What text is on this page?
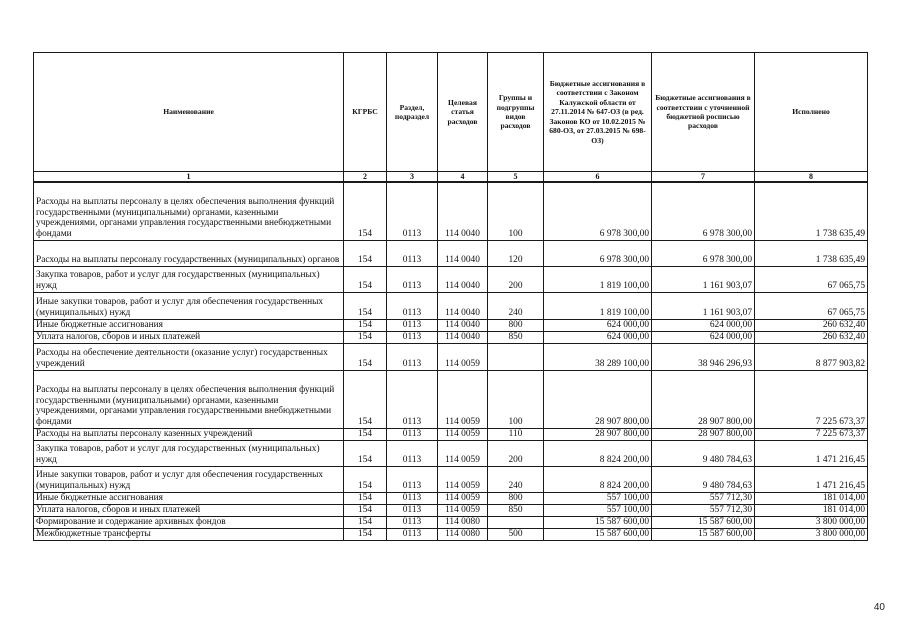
Наименование	КГРБС	Раздел, подраздел	Целевая статья расходов	Группы и подгруппы видов расходов	Бюджетные ассигнования в соответствии с Законом Калужской области от 27.11.2014 № 647-ОЗ (в ред. Законов КО от 10.02.2015 № 680-ОЗ, от 27.03.2015 № 698-ОЗ)	Бюджетные ассигнования в соответствии с уточненной бюджетной росписью расходов	Исполнено
1	2	3	4	5	6	7	8
Расходы на выплаты персоналу в целях обеспечения выполнения функций государственными (муниципальными) органами, казенными учреждениями, органами управления государственными внебюджетными фондами	154	0113	114 0040	100	6 978 300,00	6 978 300,00	1 738 635,49
Расходы на выплаты персоналу государственных (муниципальных) органов	154	0113	114 0040	120	6 978 300,00	6 978 300,00	1 738 635,49
Закупка товаров, работ и услуг для государственных (муниципальных) нужд	154	0113	114 0040	200	1 819 100,00	1 161 903,07	67 065,75
Иные закупки товаров, работ и услуг для обеспечения государственных (муниципальных) нужд	154	0113	114 0040	240	1 819 100,00	1 161 903,07	67 065,75
Иные бюджетные ассигнования	154	0113	114 0040	800	624 000,00	624 000,00	260 632,40
Уплата налогов, сборов и иных платежей	154	0113	114 0040	850	624 000,00	624 000,00	260 632,40
Расходы на обеспечение деятельности (оказание услуг) государственных учреждений	154	0113	114 0059		38 289 100,00	38 946 296,93	8 877 903,82
Расходы на выплаты персоналу в целях обеспечения выполнения функций государственными (муниципальными) органами, казенными учреждениями, органами управления государственными внебюджетными фондами	154	0113	114 0059	100	28 907 800,00	28 907 800,00	7 225 673,37
Расходы на выплаты персоналу казенных учреждений	154	0113	114 0059	110	28 907 800,00	28 907 800,00	7 225 673,37
Закупка товаров, работ и услуг для государственных (муниципальных) нужд	154	0113	114 0059	200	8 824 200,00	9 480 784,63	1 471 216,45
Иные закупки товаров, работ и услуг для обеспечения государственных (муниципальных) нужд	154	0113	114 0059	240	8 824 200,00	9 480 784,63	1 471 216,45
Иные бюджетные ассигнования	154	0113	114 0059	800	557 100,00	557 712,30	181 014,00
Уплата налогов, сборов и иных платежей	154	0113	114 0059	850	557 100,00	557 712,30	181 014,00
Формирование и содержание архивных фондов	154	0113	114 0080		15 587 600,00	15 587 600,00	3 800 000,00
Межбюджетные трансферты	154	0113	114 0080	500	15 587 600,00	15 587 600,00	3 800 000,00
40
